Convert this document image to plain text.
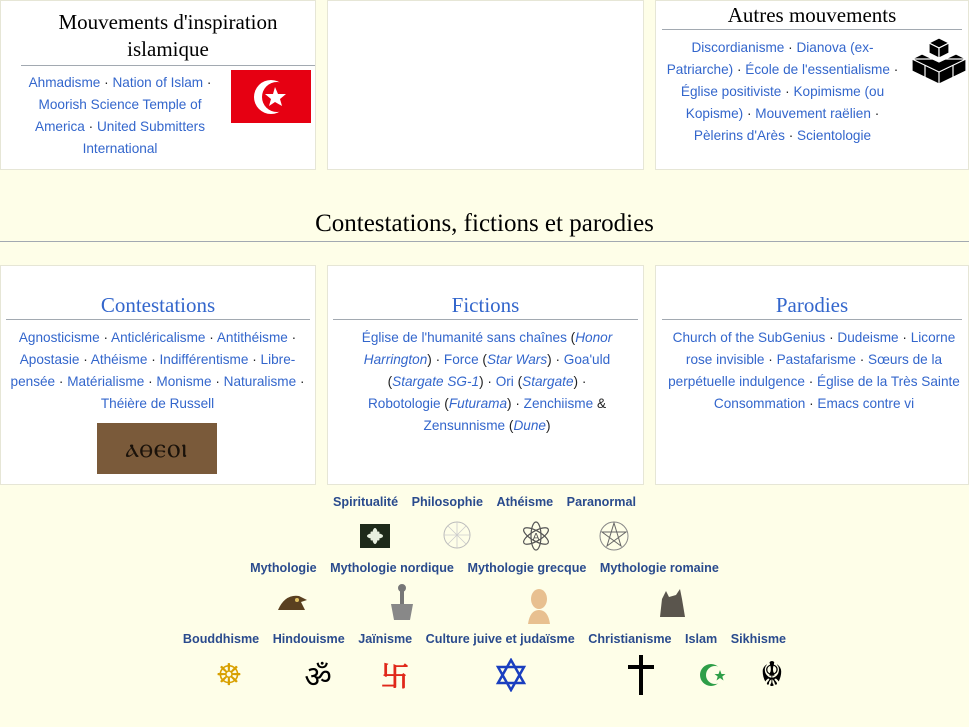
Mouvements d'inspiration islamique
Ahmadisme · Nation of Islam · Moorish Science Temple of America · United Submitters International
Autres mouvements
Discordianisme · Dianova (ex-Patriarche) · École de l'essentialisme · Église positiviste · Kopimisme (ou Kopisme) · Mouvement raëlien · Pèlerins d'Arès · Scientologie
Contestations, fictions et parodies
Contestations
Agnosticisme · Anticléricalisme · Antithéisme · Apostasie · Athéisme · Indifférentisme · Libre-pensée · Matérialisme · Monisme · Naturalisme · Théière de Russell
ⲁⲑⲉⲟⲓ
Fictions
Église de l'humanité sans chaînes (Honor Harrington) · Force (Star Wars) · Goa'uld (Stargate SG-1) · Ori (Stargate) · Robotologie (Futurama) · Zenchiisme & Zensunnisme (Dune)
Parodies
Church of the SubGenius · Dudeisme · Licorne rose invisible · Pastafarisme · Sœurs de la perpétuelle indulgence · Église de la Très Sainte Consommation · Emacs contre vi
Spiritualité Philosophie Athéisme Paranormal
A
Mythologie Mythologie nordique Mythologie grecque Mythologie romaine
Bouddhisme Hindouisme Jaïnisme Culture juive et judaïsme Christianisme Islam Sikhisme
☸ ॐ 卐	☬
